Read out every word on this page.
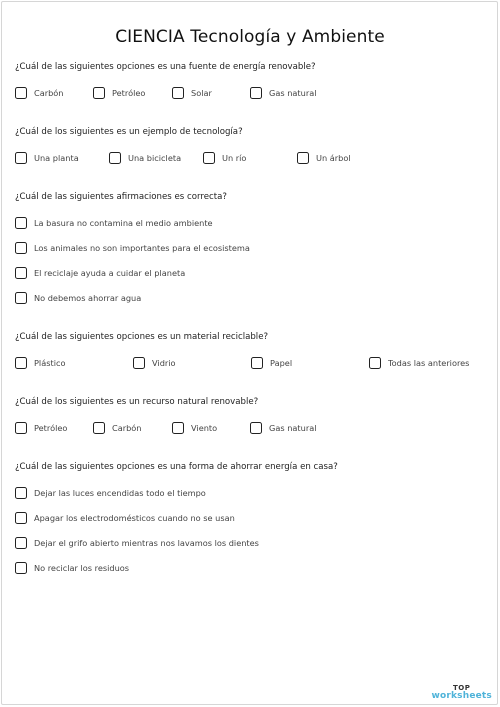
CIENCIA Tecnología y Ambiente
¿Cuál de las siguientes opciones es una fuente de energía renovable?
Carbón	Petróleo	Solar	Gas natural
¿Cuál de los siguientes es un ejemplo de tecnología?
Una planta	Una bicicleta	Un río	Un árbol
¿Cuál de las siguientes afirmaciones es correcta?
La basura no contamina el medio ambiente
Los animales no son importantes para el ecosistema
El reciclaje ayuda a cuidar el planeta
No debemos ahorrar agua
¿Cuál de las siguientes opciones es un material reciclable?
Plástico	Vidrio	Papel	Todas las anteriores
¿Cuál de los siguientes es un recurso natural renovable?
Petróleo	Carbón	Viento	Gas natural
¿Cuál de las siguientes opciones es una forma de ahorrar energía en casa?
Dejar las luces encendidas todo el tiempo
Apagar los electrodomésticos cuando no se usan
Dejar el grifo abierto mientras nos lavamos los dientes
No reciclar los residuos
TOP
worksheets
